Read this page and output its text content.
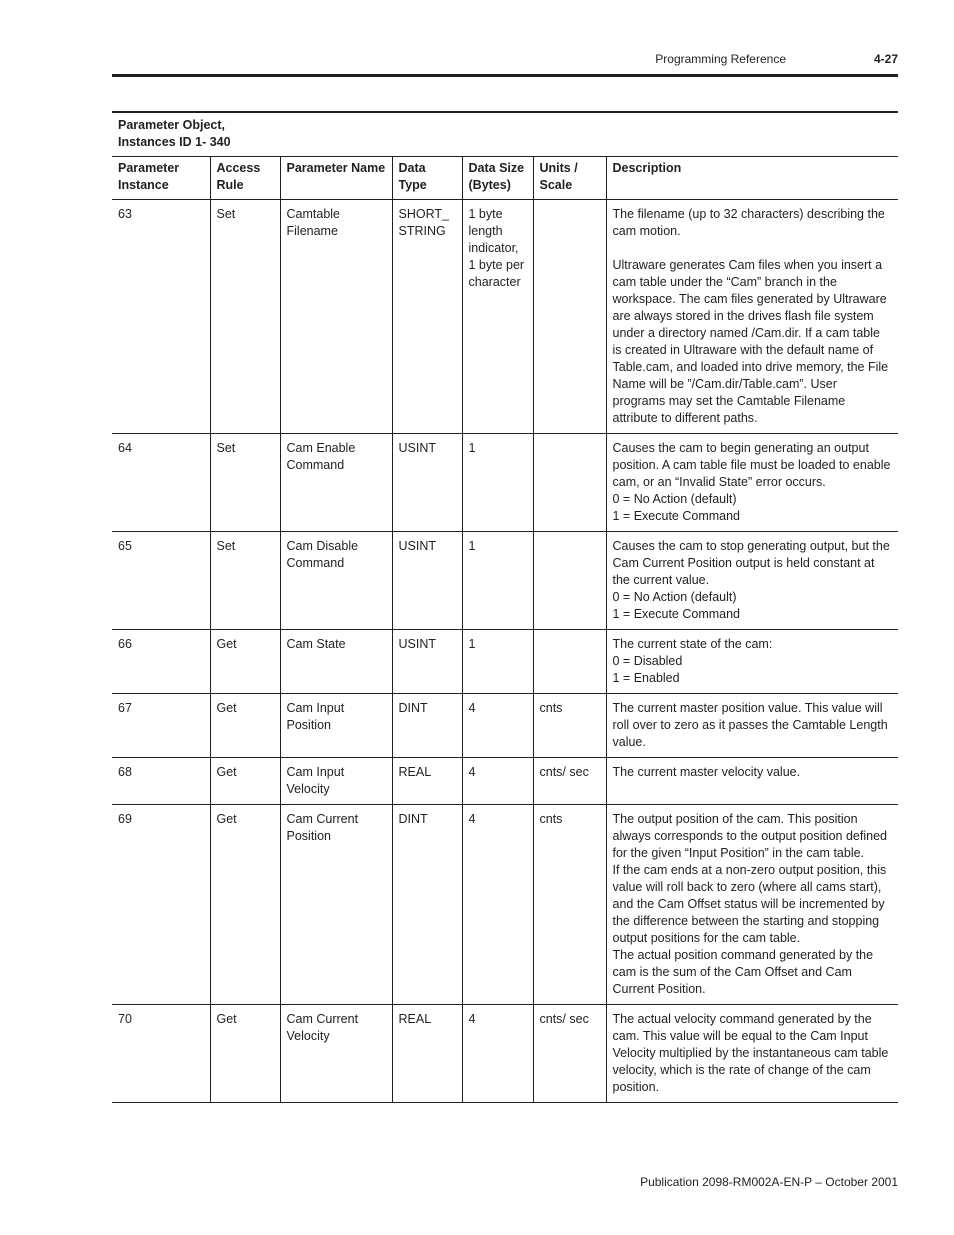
Programming Reference	4-27
Parameter Object,
Instances ID 1- 340						

Parameter Instance	Access Rule	Parameter Name	Data Type	Data Size (Bytes)	Units / Scale	Description
63	Set	Camtable Filename	SHORT_STRING	1 byte length indicator, 1 byte per character		The filename (up to 32 characters) describing the cam motion.

Ultraware generates Cam files when you insert a cam table under the “Cam” branch in the workspace. The cam files generated by Ultraware are always stored in the drives flash file system under a directory named /Cam.dir. If a cam table is created in Ultraware with the default name of Table.cam, and loaded into drive memory, the File Name will be ”/Cam.dir/Table.cam”. User programs may set the Camtable Filename attribute to different paths.

64	Set	Cam Enable Command	USINT	1		Causes the cam to begin generating an output position. A cam table file must be loaded to enable cam, or an “Invalid State” error occurs.

0 = No Action (default)

1 = Execute Command

65	Set	Cam Disable Command	USINT	1		Causes the cam to stop generating output, but the Cam Current Position output is held constant at the current value.

0 = No Action (default)

1 = Execute Command

66	Get	Cam State	USINT	1		The current state of the cam:

0 = Disabled

1 = Enabled

67	Get	Cam Input Position	DINT	4	cnts	The current master position value. This value will roll over to zero as it passes the Camtable Length value.

68	Get	Cam Input Velocity	REAL	4	cnts/ sec	The current master velocity value.

69	Get	Cam Current Position	DINT	4	cnts	The output position of the cam. This position always corresponds to the output position defined for the given “Input Position” in the cam table.

If the cam ends at a non-zero output position, this value will roll back to zero (where all cams start), and the Cam Offset status will be incremented by the difference between the starting and stopping output positions for the cam table.

The actual position command generated by the cam is the sum of the Cam Offset and Cam Current Position.

70	Get	Cam Current Velocity	REAL	4	cnts/ sec	The actual velocity command generated by the cam. This value will be equal to the Cam Input Velocity multiplied by the instantaneous cam table velocity, which is the rate of change of the cam position.

Publication 2098-RM002A-EN-P – October 2001
